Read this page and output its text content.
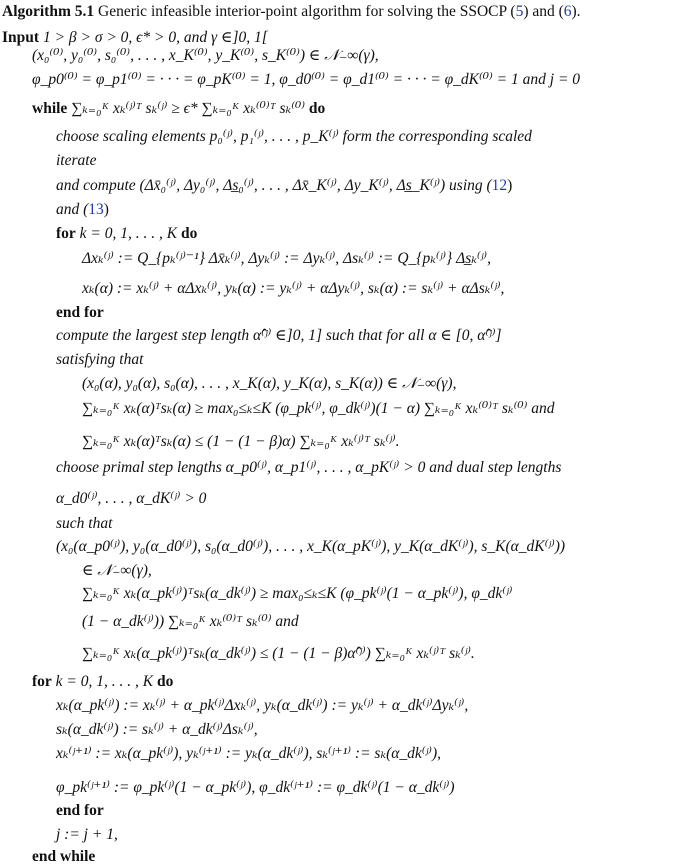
Algorithm 5.1 Generic infeasible interior-point algorithm for solving the SSOCP (5) and (6).
Input 1 > β > σ > 0, ϵ* > 0, and γ ∈]0, 1[
(x₀⁽⁰⁾, y₀⁽⁰⁾, s₀⁽⁰⁾, . . . , x_K⁽⁰⁾, y_K⁽⁰⁾, s_K⁽⁰⁾) ∈ 𝒩₋∞(γ),
φ_p0⁽⁰⁾ = φ_p1⁽⁰⁾ = · · · = φ_pK⁽⁰⁾ = 1, φ_d0⁽⁰⁾ = φ_d1⁽⁰⁾ = · · · = φ_dK⁽⁰⁾ = 1 and j = 0
while ∑ₖ₌₀ᴷ xₖ⁽ʲ⁾ᵀ sₖ⁽ʲ⁾ ≥ ϵ* ∑ₖ₌₀ᴷ xₖ⁽⁰⁾ᵀ sₖ⁽⁰⁾ do
choose scaling elements p₀⁽ʲ⁾, p₁⁽ʲ⁾, . . . , p_K⁽ʲ⁾ form the corresponding scaled
iterate
and compute (Δx̄₀⁽ʲ⁾, Δy₀⁽ʲ⁾, Δs̲₀⁽ʲ⁾, . . . , Δx̄_K⁽ʲ⁾, Δy_K⁽ʲ⁾, Δs̲_K⁽ʲ⁾) using (12)
and (13)
for k = 0, 1, . . . , K do
Δxₖ⁽ʲ⁾ := Q_{pₖ⁽ʲ⁾⁻¹} Δx̄ₖ⁽ʲ⁾, Δyₖ⁽ʲ⁾ := Δyₖ⁽ʲ⁾, Δsₖ⁽ʲ⁾ := Q_{pₖ⁽ʲ⁾} Δs̲ₖ⁽ʲ⁾,
xₖ(α) := xₖ⁽ʲ⁾ + αΔxₖ⁽ʲ⁾, yₖ(α) := yₖ⁽ʲ⁾ + αΔyₖ⁽ʲ⁾, sₖ(α) := sₖ⁽ʲ⁾ + αΔsₖ⁽ʲ⁾,
end for
compute the largest step length α̂⁽ʲ⁾ ∈]0, 1] such that for all α ∈ [0, α̂⁽ʲ⁾]
satisfying that
(x₀(α), y₀(α), s₀(α), . . . , x_K(α), y_K(α), s_K(α)) ∈ 𝒩₋∞(γ),
∑ₖ₌₀ᴷ xₖ(α)ᵀsₖ(α) ≥ max₀≤ₖ≤K (φ_pk⁽ʲ⁾, φ_dk⁽ʲ⁾)(1 − α) ∑ₖ₌₀ᴷ xₖ⁽⁰⁾ᵀ sₖ⁽⁰⁾ and
∑ₖ₌₀ᴷ xₖ(α)ᵀsₖ(α) ≤ (1 − (1 − β)α) ∑ₖ₌₀ᴷ xₖ⁽ʲ⁾ᵀ sₖ⁽ʲ⁾.
choose primal step lengths α_p0⁽ʲ⁾, α_p1⁽ʲ⁾, . . . , α_pK⁽ʲ⁾ > 0 and dual step lengths
α_d0⁽ʲ⁾, . . . , α_dK⁽ʲ⁾ > 0
such that
(x₀(α_p0⁽ʲ⁾), y₀(α_d0⁽ʲ⁾), s₀(α_d0⁽ʲ⁾), . . . , x_K(α_pK⁽ʲ⁾), y_K(α_dK⁽ʲ⁾), s_K(α_dK⁽ʲ⁾))
∈ 𝒩₋∞(γ),
∑ₖ₌₀ᴷ xₖ(α_pk⁽ʲ⁾)ᵀsₖ(α_dk⁽ʲ⁾) ≥ max₀≤ₖ≤K (φ_pk⁽ʲ⁾(1 − α_pk⁽ʲ⁾), φ_dk⁽ʲ⁾
(1 − α_dk⁽ʲ⁾)) ∑ₖ₌₀ᴷ xₖ⁽⁰⁾ᵀ sₖ⁽⁰⁾ and
∑ₖ₌₀ᴷ xₖ(α_pk⁽ʲ⁾)ᵀsₖ(α_dk⁽ʲ⁾) ≤ (1 − (1 − β)α̂⁽ʲ⁾) ∑ₖ₌₀ᴷ xₖ⁽ʲ⁾ᵀ sₖ⁽ʲ⁾.
for k = 0, 1, . . . , K do
xₖ(α_pk⁽ʲ⁾) := xₖ⁽ʲ⁾ + α_pk⁽ʲ⁾Δxₖ⁽ʲ⁾, yₖ(α_dk⁽ʲ⁾) := yₖ⁽ʲ⁾ + α_dk⁽ʲ⁾Δyₖ⁽ʲ⁾,
sₖ(α_dk⁽ʲ⁾) := sₖ⁽ʲ⁾ + α_dk⁽ʲ⁾Δsₖ⁽ʲ⁾,
xₖ⁽ʲ⁺¹⁾ := xₖ(α_pk⁽ʲ⁾), yₖ⁽ʲ⁺¹⁾ := yₖ(α_dk⁽ʲ⁾), sₖ⁽ʲ⁺¹⁾ := sₖ(α_dk⁽ʲ⁾),
φ_pk⁽ʲ⁺¹⁾ := φ_pk⁽ʲ⁾(1 − α_pk⁽ʲ⁾), φ_dk⁽ʲ⁺¹⁾ := φ_dk⁽ʲ⁾(1 − α_dk⁽ʲ⁾)
end for
j := j + 1,
end while
